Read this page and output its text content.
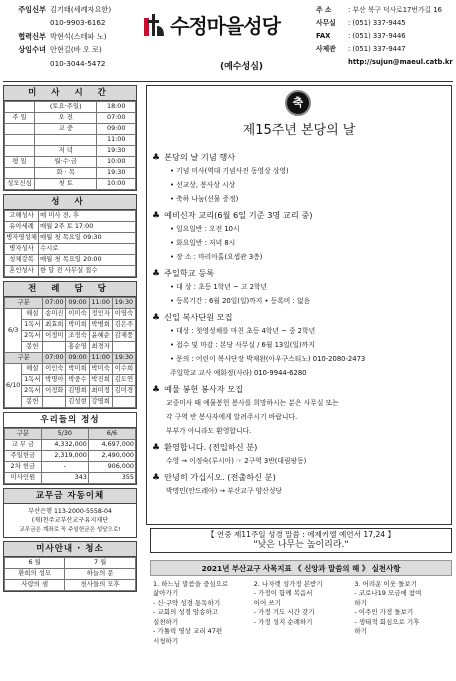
주임신부 김기태(세례자요한)
010-9903-6162
협력신부 박현석(스테파 노)
상임수녀 안현길(바 오 로)
010-3044-5472
수정마을성당
(예수성심)
주 소	: 부산 북구 덕사로17번가길 16
사무실	: (051) 337-9445
FAX	: (051) 337-9446
사제관	: (051) 337-9447
http://sujun@maeul.catb.kr
미 사 시 간
	(토요·주일)	18:00
주 일	오 전	07:00
	교 중	09:00
		11:00
	저 녁	19:30
평 일	월·수·금	10:00
	화 · 목	19:30
성모신심	첫 토	10:00
성 사
고해성사	매 미사 전, 후
유아세례	매월 2주 토 17:00
병자영성체	매월 첫 목요일 09:30
병자성사	수시로
성체강복	매월 첫 목요일 20:00
혼인성사	한 달 전 사무실 접수
전 례 담 당
구분		07:00	09:00	11:00	19:30
6/3	해설	송미진	이미숙	정인자	이영숙
	1독서	최효희	박미희	박병희	김은주
	2독서	이정미	조정숙	윤혜순	감재풍
	봉헌		홍순영	최경자	
구분		07:00	09:00	11:00	19:30
6/10	해설	이인숙	박미희	박미숙	이수희
	1독서	박명아	박중수	박진희	김도연
	2독서	이정화	김명희	최미정	김미경
	봉헌		김성현	강명희	
우리들의 정성
구분	5/30	6/6
교 무 금	4,332,000	4,697,000
주일헌금	2,319,000	2,490,000
2차 헌금	-	906,000
미사인원	343	355
교무금 자동이체
부산은행 113-2000-5558-04
(재)천주교부산교구유지재단
교무금은 계좌로 꼭 주일헌금은 성당으로!
미사안내 · 청소
6 월	7 월
환희의 성모	하늘의 문
사랑의 샘	천사들의 모후
축
제15주년 본당의 날
♣ 본당의 날 기념 행사
• 기념 미사(역대 기념사진 동영상 상영)
• 선교상, 봉사상 시상
• 축하 나눔(선물 증정)
♣ 예비신자 교리(6월 6일 기준 3명 교리 중)
• 일요일반 : 오전 10시
• 화요일반 : 저녁 8시
• 장 소 : 마리아홀(요셉관 3층)
♣ 주일학교 등록
• 대 상 : 초등 1학년 ~ 고 2학년
• 등록기간 : 6월 20일(일)까지 • 등록비 : 없음
♣ 신입 복사단원 모집
• 대상 : 첫영성체를 마친 초등 4학년 ~ 중 2학년
• 접수 및 마감 : 본당 사무실 / 6월 13일(일)까지
• 문의 : 어린이 복사단장 박재완(아우구스티노) 010-2080-2473
주일학교 교사 예화정(사라) 010-9944-6280
♣ 예물 봉헌 봉사자 모집
교중미사 때 예물봉헌 봉사를 희망하시는 분은 사무실 또는
각 구역 반 봉사자에게 알려주시기 바랍니다.
부부가 아니라도 환영합니다.
♣ 환영합니다. (전입하신 분)
수영 → 이정숙(루시아) ☞ 2구역 3반(대림팡동)
♣ 안녕히 가십시오. (전출하신 분)
박명민(안드레아) → 부산교구 양산성당
【 연중 제11주일 성경 말씀 : 에제키엘 예언서 17,24 】
"낮은 나무는 높이리라."
2021년 부산교구 사목지표 《 신앙과 말씀의 해 》 실천사항
1. 하느님 말씀을 중심으로
삶아가기
- 신·구약 성경 통독하기
- 교회의 성경 암송하고
실천하기
- 가톨릭 영상 교리 47편
시청하기
2. 나자렛 성가정 본받기
- 가정이 함께 복음서
이어 쓰기
- 가정 기도 시간 갖기
- 가정 성지 순례하기
3. 어려운 이웃 돌보기
- 코로나19 모금에 참여
하기
- 이주민 가정 돌보기
- 생태적 회심으로 기후
하기
